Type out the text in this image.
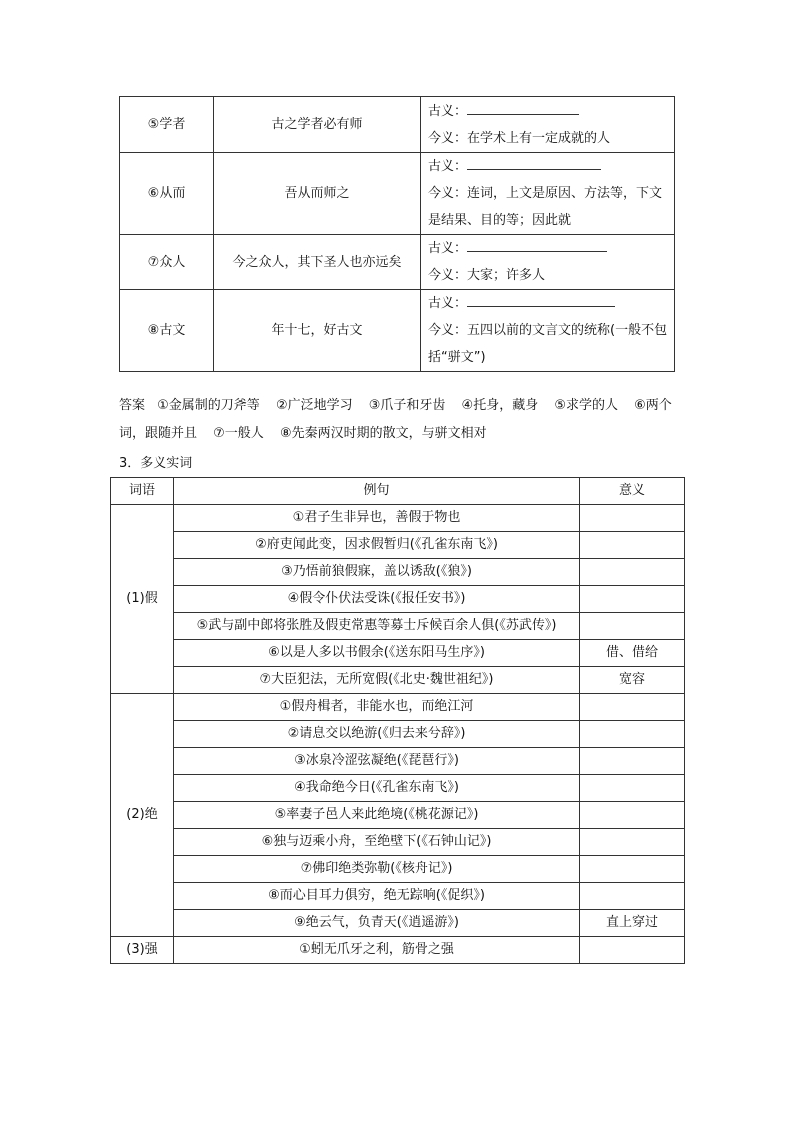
⑤学者	古之学者必有师	古义：
今义：在学术上有一定成就的人

⑥从而	吾从而师之	古义：
今义：连词，上文是原因、方法等，下文是结果、目的等；因此就

⑦众人	今之众人，其下圣人也亦远矣	古义：
今义：大家；许多人

⑧古文	年十七，好古文	古义：
今义：五四以前的文言文的统称(一般不包括“骈文”)
答案 ①金属制的刀斧等 ②广泛地学习 ③爪子和牙齿 ④托身，藏身 ⑤求学的人 ⑥两个词，跟随并且 ⑦一般人 ⑧先秦两汉时期的散文，与骈文相对
3．多义实词
词语	例句	意义
(1)假	①君子生非异也，善假于物也	
	②府吏闻此变，因求假暂归(《孔雀东南飞》)	
	③乃悟前狼假寐，盖以诱敌(《狼》)	
	④假令仆伏法受诛(《报任安书》)	
	⑤武与副中郎将张胜及假吏常惠等募士斥候百余人俱(《苏武传》)	
	⑥以是人多以书假余(《送东阳马生序》)	借、借给
	⑦大臣犯法，无所宽假(《北史·魏世祖纪》)	宽容
(2)绝	①假舟楫者，非能水也，而绝江河	
	②请息交以绝游(《归去来兮辞》)	
	③冰泉冷涩弦凝绝(《琵琶行》)	
	④我命绝今日(《孔雀东南飞》)	
	⑤率妻子邑人来此绝境(《桃花源记》)	
	⑥独与迈乘小舟，至绝壁下(《石钟山记》)	
	⑦佛印绝类弥勒(《核舟记》)	
	⑧而心目耳力俱穷，绝无踪响(《促织》)	
	⑨绝云气，负青天(《逍遥游》)	直上穿过
(3)强	①蚓无爪牙之利，筋骨之强	
